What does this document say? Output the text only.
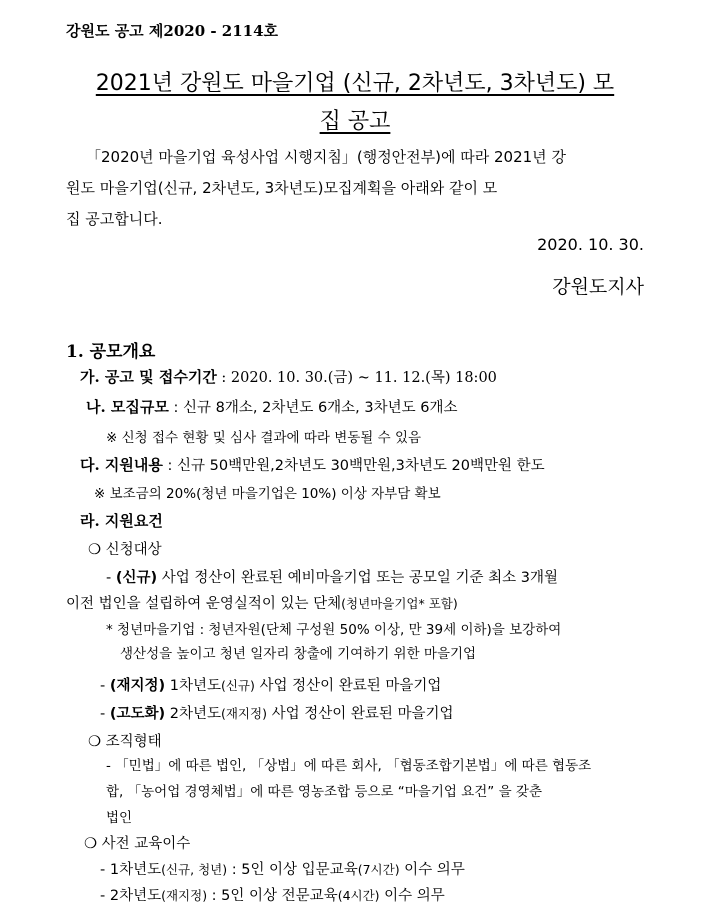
강원도 공고 제2020 - 2114호
2021년 강원도 마을기업 (신규, 2차년도, 3차년도) 모
집 공고
「2020년 마을기업 육성사업 시행지침」(행정안전부)에 따라 2021년 강
원도 마을기업(신규, 2차년도, 3차년도)모집계획을 아래와 같이 모
집 공고합니다.
2020. 10. 30.
강원도지사
1. 공모개요
가. 공고 및 접수기간 : 2020. 10. 30.(금) ~ 11. 12.(목) 18:00
나. 모집규모 : 신규 8개소, 2차년도 6개소, 3차년도 6개소
※ 신청 접수 현황 및 심사 결과에 따라 변동될 수 있음
다. 지원내용 : 신규 50백만원,2차년도 30백만원,3차년도 20백만원 한도
※ 보조금의 20%(청년 마을기업은 10%) 이상 자부담 확보
라. 지원요건
❍ 신청대상
- (신규) 사업 정산이 완료된 예비마을기업 또는 공모일 기준 최소 3개월
이전 법인을 설립하여 운영실적이 있는 단체(청년마을기업* 포함)
* 청년마을기업 : 청년자원(단체 구성원 50% 이상, 만 39세 이하)을 보강하여
생산성을 높이고 청년 일자리 창출에 기여하기 위한 마을기업
- (재지정) 1차년도(신규) 사업 정산이 완료된 마을기업
- (고도화) 2차년도(재지정) 사업 정산이 완료된 마을기업
❍ 조직형태
- 「민법」에 따른 법인, 「상법」에 따른 회사, 「협동조합기본법」에 따른 협동조
합, 「농어업 경영체법」에 따른 영농조합 등으로 “마을기업 요건” 을 갖춘
법인
❍ 사전 교육이수
- 1차년도(신규, 청년) : 5인 이상 입문교육(7시간) 이수 의무
- 2차년도(재지정) : 5인 이상 전문교육(4시간) 이수 의무
